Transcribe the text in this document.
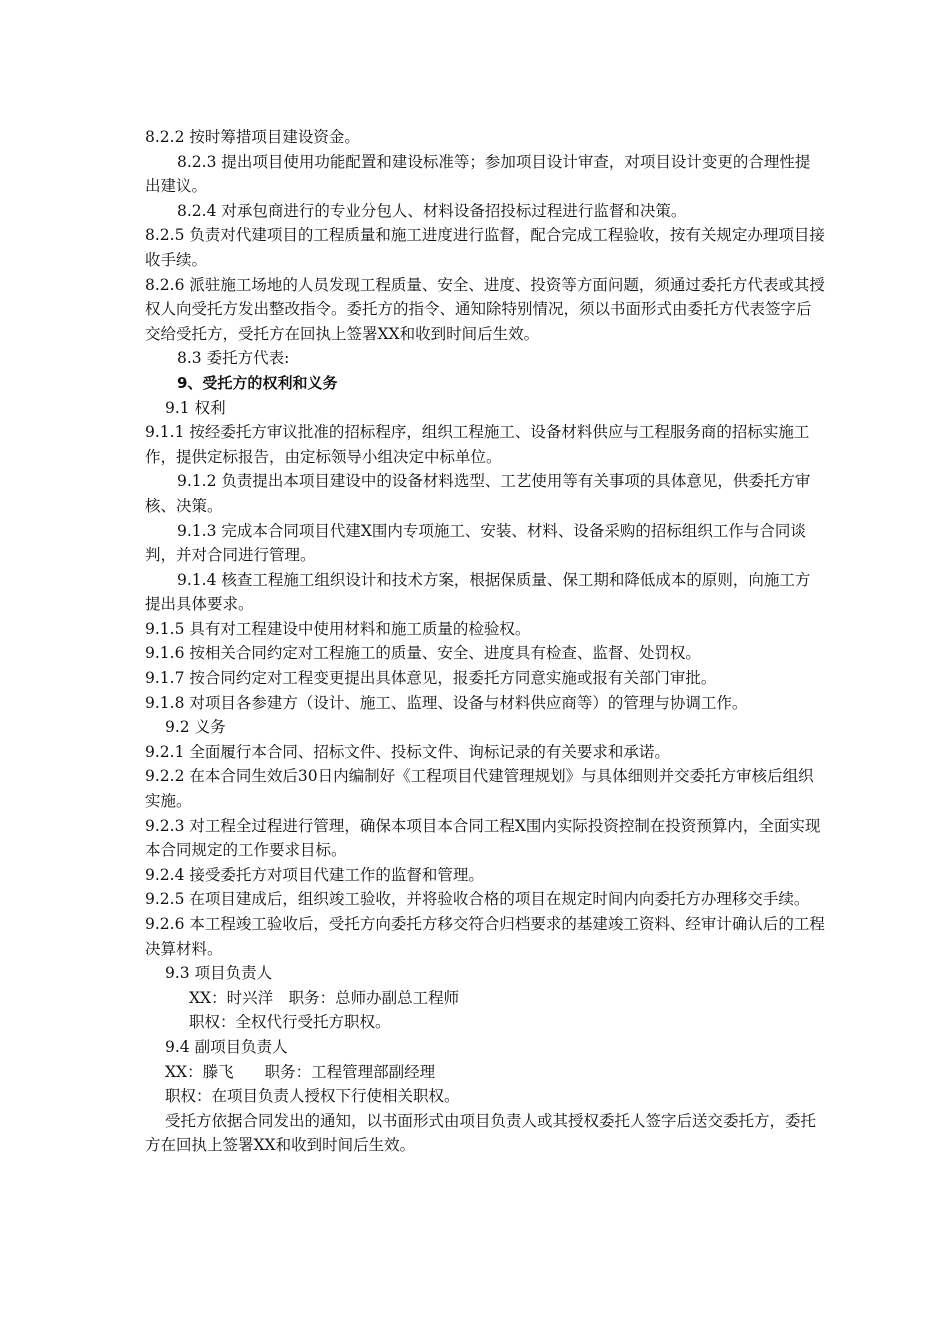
8.2.2 按时筹措项目建设资金。

8.2.3 提出项目使用功能配置和建设标准等；参加项目设计审查，对项目设计变更的合理性提出建议。

8.2.4 对承包商进行的专业分包人、材料设备招投标过程进行监督和决策。

8.2.5 负责对代建项目的工程质量和施工进度进行监督，配合完成工程验收，按有关规定办理项目接收手续。

8.2.6 派驻施工场地的人员发现工程质量、安全、进度、投资等方面问题，须通过委托方代表或其授权人向受托方发出整改指令。委托方的指令、通知除特别情况，须以书面形式由委托方代表签字后交给受托方，受托方在回执上签署XX和收到时间后生效。

8.3 委托方代表:

9、受托方的权利和义务

9.1 权利

9.1.1 按经委托方审议批准的招标程序，组织工程施工、设备材料供应与工程服务商的招标实施工作，提供定标报告，由定标领导小组决定中标单位。

9.1.2 负责提出本项目建设中的设备材料选型、工艺使用等有关事项的具体意见，供委托方审核、决策。

9.1.3 完成本合同项目代建X围内专项施工、安装、材料、设备采购的招标组织工作与合同谈判，并对合同进行管理。

9.1.4 核查工程施工组织设计和技术方案，根据保质量、保工期和降低成本的原则，向施工方提出具体要求。

9.1.5 具有对工程建设中使用材料和施工质量的检验权。

9.1.6 按相关合同约定对工程施工的质量、安全、进度具有检查、监督、处罚权。

9.1.7 按合同约定对工程变更提出具体意见，报委托方同意实施或报有关部门审批。

9.1.8 对项目各参建方（设计、施工、监理、设备与材料供应商等）的管理与协调工作。

9.2 义务

9.2.1 全面履行本合同、招标文件、投标文件、询标记录的有关要求和承诺。

9.2.2 在本合同生效后30日内编制好《工程项目代建管理规划》与具体细则并交委托方审核后组织实施。

9.2.3 对工程全过程进行管理，确保本项目本合同工程X围内实际投资控制在投资预算内，全面实现本合同规定的工作要求目标。

9.2.4 接受委托方对项目代建工作的监督和管理。

9.2.5 在项目建成后，组织竣工验收，并将验收合格的项目在规定时间内向委托方办理移交手续。

9.2.6 本工程竣工验收后，受托方向委托方移交符合归档要求的基建竣工资料、经审计确认后的工程决算材料。

9.3 项目负责人

XX：时兴洋　职务：总师办副总工程师

职权：全权代行受托方职权。

9.4 副项目负责人

XX：滕飞　　职务：工程管理部副经理

职权：在项目负责人授权下行使相关职权。

受托方依据合同发出的通知，以书面形式由项目负责人或其授权委托人签字后送交委托方，委托方在回执上签署XX和收到时间后生效。
